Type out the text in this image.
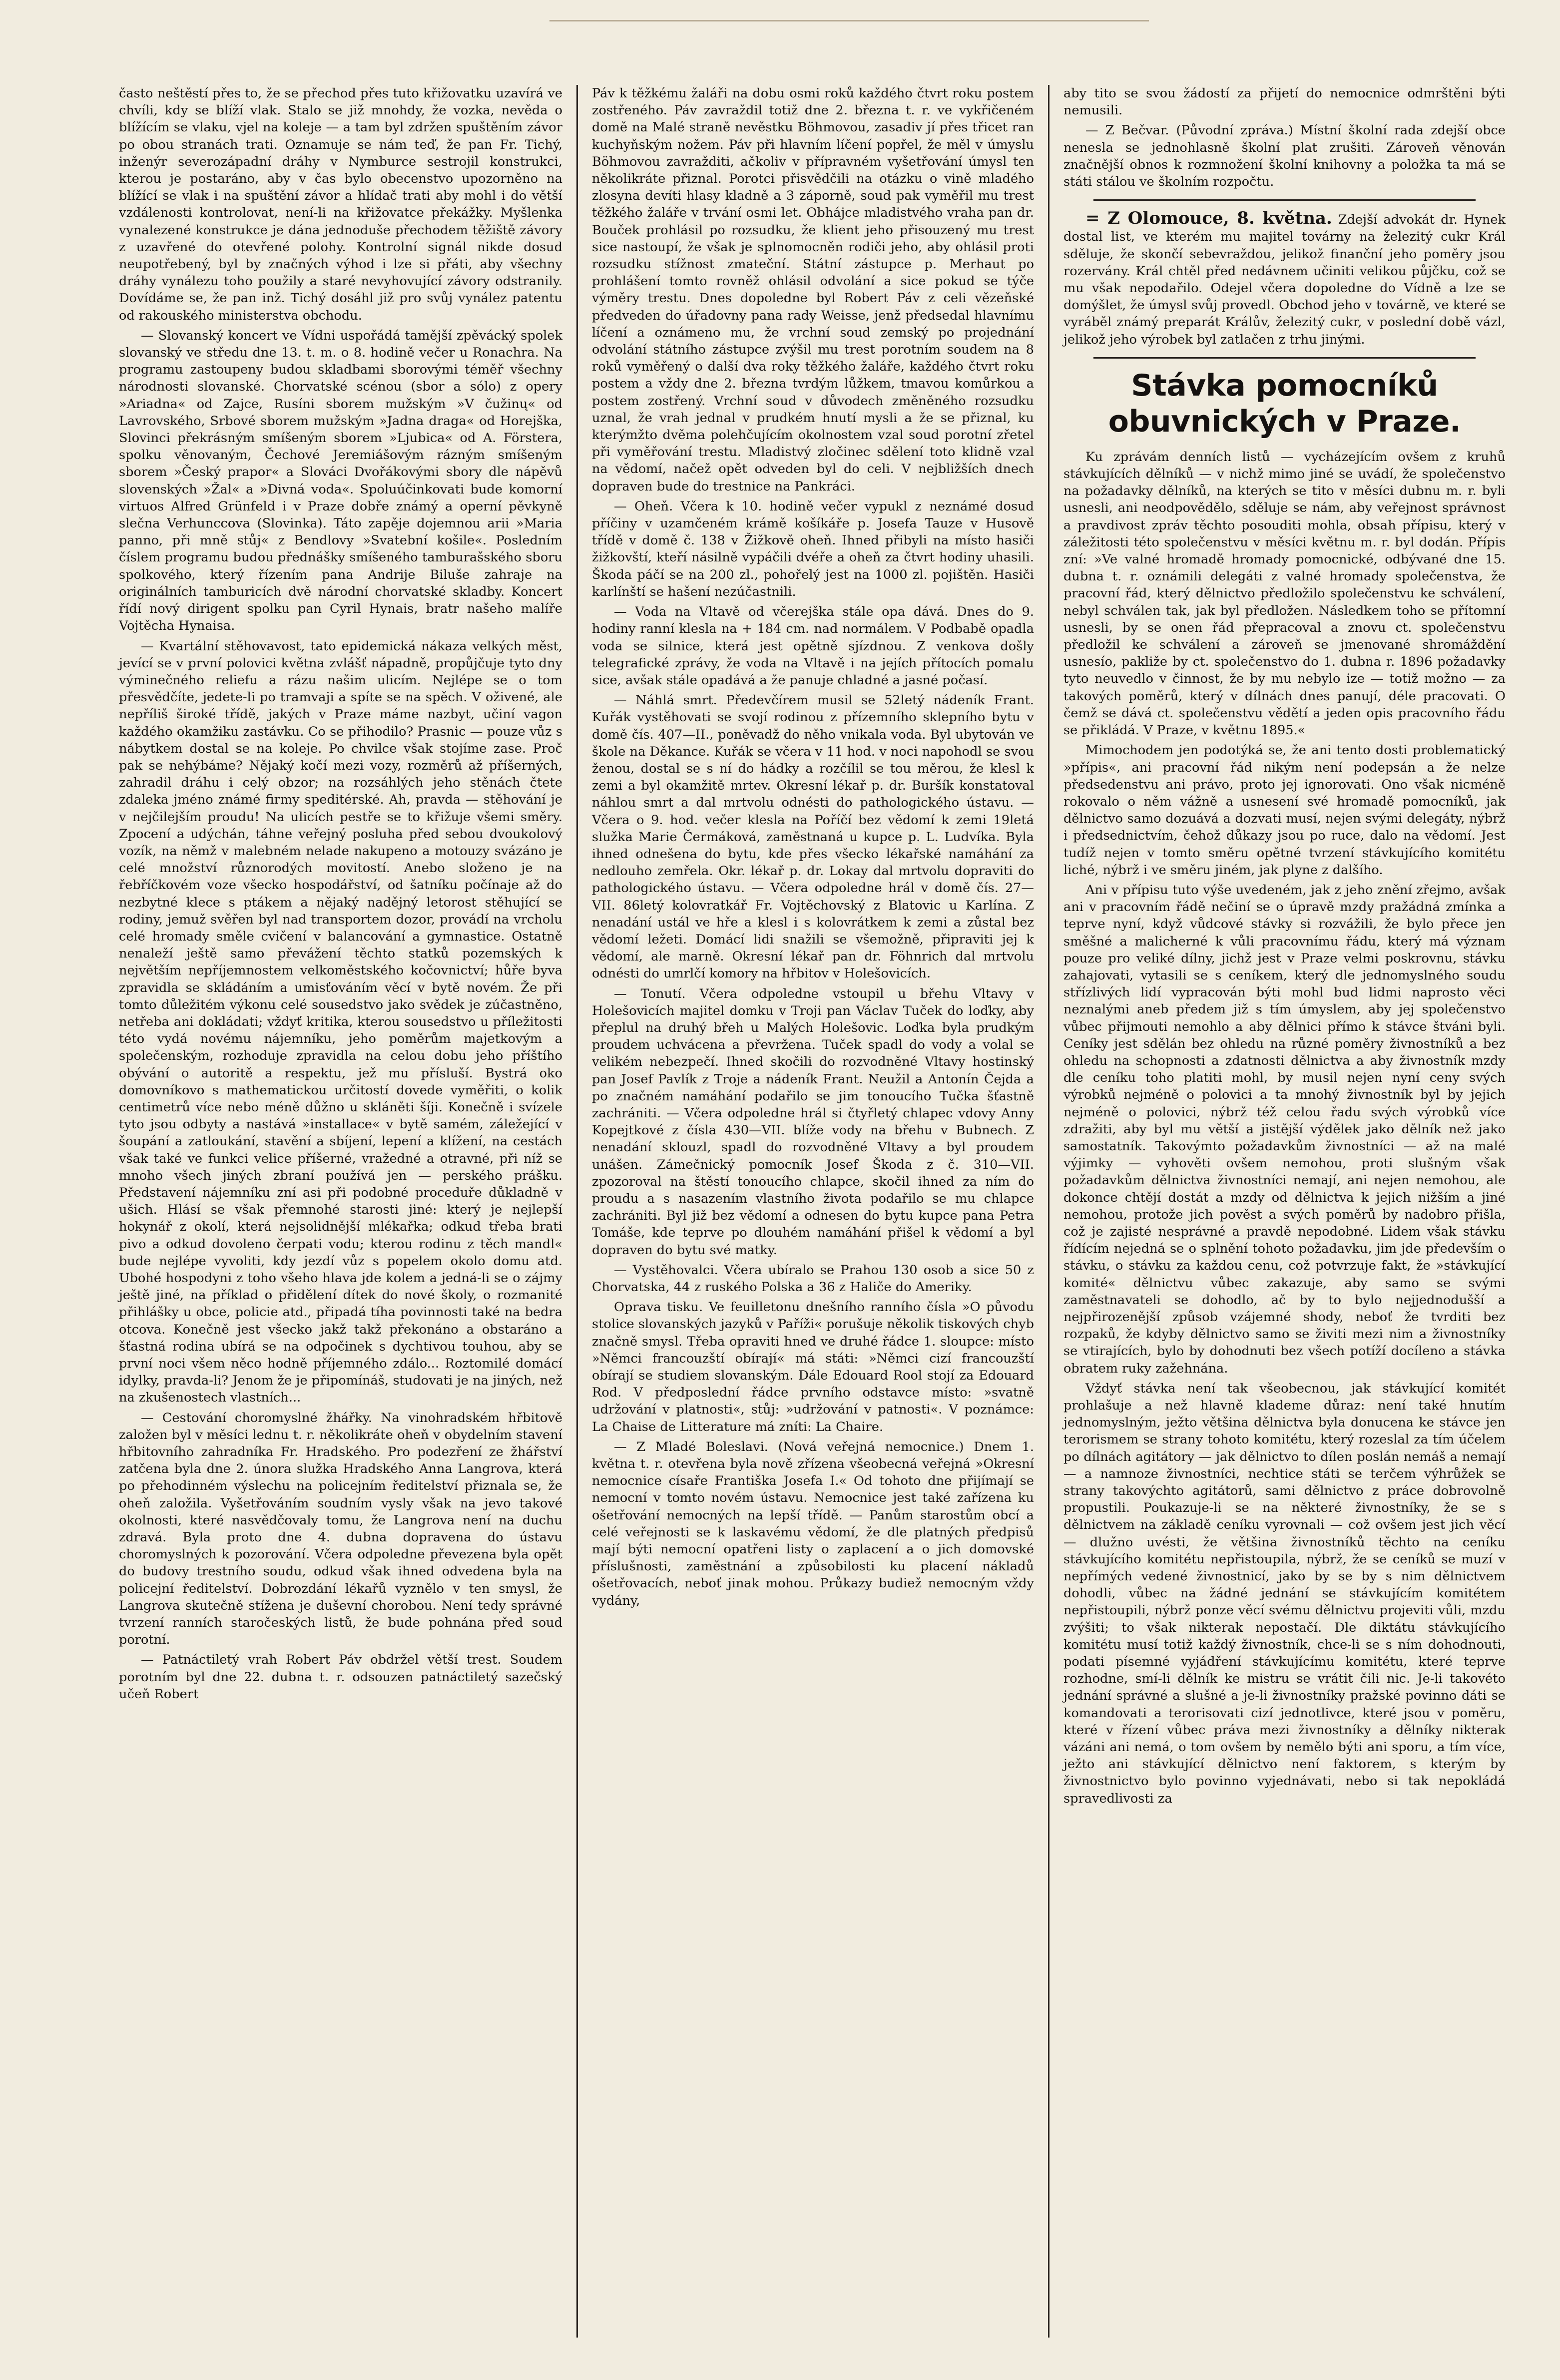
často neštěstí přes to, že se přechod přes tuto křižovatku uzavírá ve chvíli, kdy se blíží vlak. Stalo se již mnohdy, že vozka, nevěda o blížícím se vlaku, vjel na koleje — a tam byl zdržen spuštěním závor po obou stranách trati. Oznamuje se nám teď, že pan Fr. Tichý, inženýr severozápadní dráhy v Nymburce sestrojil konstrukci, kterou je postaráno, aby v čas bylo obecenstvo upozorněno na blížící se vlak i na spuštění závor a hlídač trati aby mohl i do větší vzdálenosti kontrolovat, není-li na křižovatce překážky. Myšlenka vynalezené konstrukce je dána jednoduše přechodem těžiště závory z uzavřené do otevřené polohy. Kontrolní signál nikde dosud neupotřebený, byl by značných výhod i lze si přáti, aby všechny dráhy vynálezu toho použily a staré nevyhovující závory odstranily. Dovídáme se, že pan inž. Tichý dosáhl již pro svůj vynález patentu od rakouského ministerstva obchodu.

— Slovanský koncert ve Vídni uspořádá tamější zpěvácký spolek slovanský ve středu dne 13. t. m. o 8. hodině večer u Ronachra. Na programu zastoupeny budou skladbami sborovými téměř všechny národnosti slovanské. Chorvatské scénou (sbor a sólo) z opery »Ariadna« od Zajce, Rusíni sborem mužským »V čužinų« od Lavrovského, Srbové sborem mužským »Jadna draga« od Horejška, Slovinci překrásným smíšeným sborem »Ljubica« od A. Förstera, spolku věnovaným, Čechové Jeremiášovým rázným smíšeným sborem »Český prapor« a Slováci Dvořákovými sbory dle nápěvů slovenských »Žal« a »Divná voda«. Spoluúčinkovati bude komorní virtuos Alfred Grünfeld i v Praze dobře známý a operní pěvkyně slečna Verhunccova (Slovinka). Táto zapěje dojemnou arii »Maria panno, při mně stůj« z Bendlovy »Svatební košile«. Posledním číslem programu budou přednášky smíšeného tamburašského sboru spolkového, který řízením pana Andrije Biluše zahraje na originálních tamburicích dvě národní chorvatské skladby. Koncert řídí nový dirigent spolku pan Cyril Hynais, bratr našeho malíře Vojtěcha Hynaisa.

— Kvartální stěhovavost, tato epidemická nákaza velkých měst, jevící se v první polovici května zvlášť nápadně, propůjčuje tyto dny výminečného reliefu a rázu našim ulicím. Nejlépe se o tom přesvědčíte, jedete-li po tramvaji a spíte se na spěch. V oživené, ale nepříliš široké třídě, jakých v Praze máme nazbyt, učiní vagon každého okamžiku zastávku. Co se přihodilo? Prasnic — pouze vůz s nábytkem dostal se na koleje. Po chvilce však stojíme zase. Proč pak se nehýbáme? Nějaký kočí mezi vozy, rozměrů až příšerných, zahradil dráhu i celý obzor; na rozsáhlých jeho stěnách čtete zdaleka jméno známé firmy speditérské. Ah, pravda — stěhování je v nejčilejším proudu! Na ulicích pestře se to křižuje všemi směry. Zpocení a udýchán, táhne veřejný posluha před sebou dvoukolový vozík, na němž v malebném nelade nakupeno a motouzy svázáno je celé množství různorodých movitostí. Anebo složeno je na řebříčkovém voze všecko hospodářství, od šatníku počínaje až do nezbytné klece s ptákem a nějaký nadějný letorost stěhující se rodiny, jemuž svěřen byl nad transportem dozor, provádí na vrcholu celé hromady směle cvičení v balancování a gymnastice. Ostatně nenaleží ještě samo převážení těchto statků pozemských k největším nepříjemnostem velkoměstského kočovnictví; hůře byva zpravidla se skládáním a umisťováním věcí v bytě novém. Že při tomto důležitém výkonu celé sousedstvo jako svědek je zúčastněno, netřeba ani dokládati; vždyť kritika, kterou sousedstvo u příležitosti této vydá novému nájemníku, jeho poměrům majetkovým a společenským, rozhoduje zpravidla na celou dobu jeho příštího obývání o autoritě a respektu, jež mu přísluší. Bystrá oko domovníkovo s mathematickou určitostí dovede vyměřiti, o kolik centimetrů více nebo méně důžno u skláněti šíji. Konečně i svízele tyto jsou odbyty a nastává »installace« v bytě samém, záležející v šoupání a zatloukání, stavění a sbíjení, lepení a klížení, na cestách však také ve funkci velice příšerné, vražedné a otravné, při níž se mnoho všech jiných zbraní používá jen — perského prášku. Představení nájemníku zní asi při podobné proceduře důkladně v ušich. Hlásí se však přemnohé starosti jiné: který je nejlepší hokynář z okolí, která nejsolidnější mlékařka; odkud třeba brati pivo a odkud dovoleno čerpati vodu; kterou rodinu z těch mandl« bude nejlépe vyvoliti, kdy jezdí vůz s popelem okolo domu atd. Ubohé hospodyni z toho všeho hlava jde kolem a jedná-li se o zájmy ještě jiné, na příklad o přidělení dítek do nové školy, o rozmanité přihlášky u obce, policie atd., připadá tíha povinnosti také na bedra otcova. Konečně jest všecko jakž takž překonáno a obstaráno a šťastná rodina ubírá se na odpočinek s dychtivou touhou, aby se první noci všem něco hodně příjemného zdálo... Roztomilé domácí idylky, pravda-li? Jenom že je připomínáš, studovati je na jiných, než na zkušenostech vlastních...

— Cestování choromyslné žhářky. Na vinohradském hřbitově založen byl v měsíci lednu t. r. několikráte oheň v obydelním stavení hřbitovního zahradníka Fr. Hradského. Pro podezření ze žhářství zatčena byla dne 2. února služka Hradského Anna Langrova, která po přehodinném výslechu na policejním ředitelství přiznala se, že oheň založila. Vyšetřováním soudním vysly však na jevo takové okolnosti, které nasvědčovaly tomu, že Langrova není na duchu zdravá. Byla proto dne 4. dubna dopravena do ústavu choromyslných k pozorování. Včera odpoledne převezena byla opět do budovy trestního soudu, odkud však ihned odvedena byla na policejní ředitelství. Dobrozdání lékařů vyznělo v ten smysl, že Langrova skutečně stížena je duševní chorobou. Není tedy správné tvrzení ranních staročeských listů, že bude pohnána před soud porotní.

— Patnáctiletý vrah Robert Páv obdržel větší trest. Soudem porotním byl dne 22. dubna t. r. odsouzen patnáctiletý sazečský učeň Robert

Páv k těžkému žaláři na dobu osmi roků každého čtvrt roku postem zostřeného. Páv zavraždil totiž dne 2. března t. r. ve vykřičeném domě na Malé straně nevěstku Böhmovou, zasadiv jí přes třicet ran kuchyňským nožem. Páv při hlavním líčení popřel, že měl v úmyslu Böhmovou zavražditi, ačkoliv v přípravném vyšetřování úmysl ten několikráte přiznal. Porotci přisvědčili na otázku o vině mladého zlosyna devíti hlasy kladně a 3 záporně, soud pak vyměřil mu trest těžkého žaláře v trvání osmi let. Obhájce mladistvého vraha pan dr. Bouček prohlásil po rozsudku, že klient jeho přisouzený mu trest sice nastoupí, že však je splnomocněn rodiči jeho, aby ohlásil proti rozsudku stížnost zmateční. Státní zástupce p. Merhaut po prohlášení tomto rovněž ohlásil odvolání a sice pokud se týče výměry trestu. Dnes dopoledne byl Robert Páv z celi vězeňské předveden do úřadovny pana rady Weisse, jenž předsedal hlavnímu líčení a oznámeno mu, že vrchní soud zemský po projednání odvolání státního zástupce zvýšil mu trest porotním soudem na 8 roků vyměřený o další dva roky těžkého žaláře, každého čtvrt roku postem a vždy dne 2. března tvrdým lůžkem, tmavou komůrkou a postem zostřený. Vrchní soud v důvodech změněného rozsudku uznal, že vrah jednal v prudkém hnutí mysli a že se přiznal, ku kterýmžto dvěma polehčujícím okolnostem vzal soud porotní zřetel při vyměřování trestu. Mladistvý zločinec sdělení toto klidně vzal na vědomí, načež opět odveden byl do celi. V nejbližších dnech dopraven bude do trestnice na Pankráci.

— Oheň. Včera k 10. hodině večer vypukl z neznámé dosud příčiny v uzamčeném krámě košíkáře p. Josefa Tauze v Husově třídě v domě č. 138 v Žižkově oheň. Ihned přibyli na místo hasiči žižkovští, kteří násilně vypáčili dvéře a oheň za čtvrt hodiny uhasili. Škoda páčí se na 200 zl., pohořelý jest na 1000 zl. pojištěn. Hasiči karlínští se hašení nezúčastnili.

— Voda na Vltavě od včerejška stále opa dává. Dnes do 9. hodiny ranní klesla na + 184 cm. nad normálem. V Podbabě opadla voda se silnice, která jest opětně sjízdnou. Z venkova došly telegrafické zprávy, že voda na Vltavě i na jejích přítocích pomalu sice, avšak stále opadává a že panuje chladné a jasné počasí.

— Náhlá smrt. Předevčírem musil se 52letý nádeník Frant. Kuřák vystěhovati se svojí rodinou z přízemního sklepního bytu v domě čís. 407—II., poněvadž do něho vnikala voda. Byl ubytován ve škole na Děkance. Kuřák se včera v 11 hod. v noci napohodl se svou ženou, dostal se s ní do hádky a rozčílil se tou měrou, že klesl k zemi a byl okamžitě mrtev. Okresní lékař p. dr. Buršík konstatoval náhlou smrt a dal mrtvolu odnésti do pathologického ústavu. — Včera o 9. hod. večer klesla na Poříčí bez vědomí k zemi 19letá služka Marie Čermáková, zaměstnaná u kupce p. L. Ludvíka. Byla ihned odnešena do bytu, kde přes všecko lékařské namáhání za nedlouho zemřela. Okr. lékař p. dr. Lokay dal mrtvolu dopraviti do pathologického ústavu. — Včera odpoledne hrál v domě čís. 27—VII. 86letý kolovratkář Fr. Vojtěchovský z Blatovic u Karlína. Z nenadání ustál ve hře a klesl i s kolovrátkem k zemi a zůstal bez vědomí ležeti. Domácí lidi snažili se všemožně, připraviti jej k vědomí, ale marně. Okresní lékař pan dr. Föhnrich dal mrtvolu odnésti do umrlčí komory na hřbitov v Holešovicích.

— Tonutí. Včera odpoledne vstoupil u břehu Vltavy v Holešovicích majitel domku v Troji pan Václav Tuček do loďky, aby přeplul na druhý břeh u Malých Holešovic. Loďka byla prudkým proudem uchvácena a převržena. Tuček spadl do vody a volal se velikém nebezpečí. Ihned skočili do rozvodněné Vltavy hostinský pan Josef Pavlík z Troje a nádeník Frant. Neužil a Antonín Čejda a po značném namáhání podařilo se jim tonoucího Tučka šťastně zachrániti. — Včera odpoledne hrál si čtyřletý chlapec vdovy Anny Kopejtkové z čísla 430—VII. blíže vody na břehu v Bubnech. Z nenadání sklouzl, spadl do rozvodněné Vltavy a byl proudem unášen. Zámečnický pomocník Josef Škoda z č. 310—VII. zpozoroval na štěstí tonoucího chlapce, skočil ihned za ním do proudu a s nasazením vlastního života podařilo se mu chlapce zachrániti. Byl již bez vědomí a odnesen do bytu kupce pana Petra Tomáše, kde teprve po dlouhém namáhání přišel k vědomí a byl dopraven do bytu své matky.

— Vystěhovalci. Včera ubíralo se Prahou 130 osob a sice 50 z Chorvatska, 44 z ruského Polska a 36 z Haliče do Ameriky.

Oprava tisku. Ve feuilletonu dnešního ranního čísla »O původu stolice slovanských jazyků v Paříži« porušuje několik tiskových chyb značně smysl. Třeba opraviti hned ve druhé řádce 1. sloupce: místo »Němci francouzští obírají« má státi: »Němci cizí francouzští obírají se studiem slovanským. Dále Edouard Rool stojí za Edouard Rod. V předposlední řádce prvního odstavce místo: »svatně udržování v platnosti«, stůj: »udržování v patnosti«. V poznámce: La Chaise de Litterature má zníti: La Chaire.

— Z Mladé Boleslavi. (Nová veřejná nemocnice.) Dnem 1. května t. r. otevřena byla nově zřízena všeobecná veřejná »Okresní nemocnice císaře Františka Josefa I.« Od tohoto dne přijímají se nemocní v tomto novém ústavu. Nemocnice jest také zařízena ku ošetřování nemocných na lepší třídě. — Panům starostům obcí a celé veřejnosti se k laskavému vědomí, že dle platných předpisů mají býti nemocní opatřeni listy o zaplacení a o jich domovské příslušnosti, zaměstnání a způsobilosti ku placení nákladů ošetřovacích, neboť jinak mohou. Průkazy budiež nemocným vždy vydány,

aby tito se svou žádostí za přijetí do nemocnice odmrštěni býti nemusili.

— Z Bečvar. (Původní zpráva.) Místní školní rada zdejší obce nenesla se jednohlasně školní plat zrušiti. Zároveň věnován značnější obnos k rozmnožení školní knihovny a položka ta má se státi stálou ve školním rozpočtu.

= Z Olomouce, 8. května. Zdejší advokát dr. Hynek dostal list, ve kterém mu majitel továrny na železitý cukr Král sděluje, že skončí sebevraždou, jelikož finanční jeho poměry jsou rozervány. Král chtěl před nedávnem učiniti velikou půjčku, což se mu však nepodařilo. Odejel včera dopoledne do Vídně a lze se domýšlet, že úmysl svůj provedl. Obchod jeho v továrně, ve které se vyráběl známý preparát Králův, železitý cukr, v poslední době vázl, jelikož jeho výrobek byl zatlačen z trhu jinými.

Stávka pomocníků obuvnických v Praze.

Ku zprávám denních listů — vycházejícím ovšem z kruhů stávkujících dělníků — v nichž mimo jiné se uvádí, že společenstvo na požadavky dělníků, na kterých se tito v měsíci dubnu m. r. byli usnesli, ani neodpovědělo, sděluje se nám, aby veřejnost správnost a pravdivost zpráv těchto posouditi mohla, obsah přípisu, který v záležitosti této společenstvu v měsíci květnu m. r. byl dodán. Přípis zní: »Ve valné hromadě hromady pomocnické, odbývané dne 15. dubna t. r. oznámili delegáti z valné hromady společenstva, že pracovní řád, který dělnictvo předložilo společenstvu ke schválení, nebyl schválen tak, jak byl předložen. Následkem toho se přítomní usnesli, by se onen řád přepracoval a znovu ct. společenstvu předložil ke schválení a zároveň se jmenované shromáždění usnesío, pakliže by ct. společenstvo do 1. dubna r. 1896 požadavky tyto neuvedlo v činnost, že by mu nebylo ize — totiž možno — za takových poměrů, který v dílnách dnes panují, déle pracovati. O čemž se dává ct. společenstvu vědětí a jeden opis pracovního řádu se přikládá. V Praze, v květnu 1895.«

Mimochodem jen podotýká se, že ani tento dosti problematický »přípis«, ani pracovní řád nikým není podepsán a že nelze předsedenstvu ani právo, proto jej ignorovati. Ono však nicméně rokovalo o něm vážně a usnesení své hromadě pomocníků, jak dělnictvo samo dozuává a dozvati musí, nejen svými delegáty, nýbrž i předsednictvím, čehož důkazy jsou po ruce, dalo na vědomí. Jest tudíž nejen v tomto směru opětné tvrzení stávkujícího komitétu liché, nýbrž i ve směru jiném, jak plyne z dalšího.

Ani v přípisu tuto výše uvedeném, jak z jeho znění zřejmo, avšak ani v pracovním řádě nečiní se o úpravě mzdy pražádná zmínka a teprve nyní, když vůdcové stávky si rozvážili, že bylo přece jen směšné a malicherné k vůli pracovnímu řádu, který má význam pouze pro veliké dílny, jichž jest v Praze velmi poskrovnu, stávku zahajovati, vytasili se s ceníkem, který dle jednomyslného soudu střízlivých lidí vypracován býti mohl bud lidmi naprosto věci neznalými aneb předem již s tím úmyslem, aby jej společenstvo vůbec přijmouti nemohlo a aby dělnici přímo k stávce štváni byli. Ceníky jest sdělán bez ohledu na různé poměry živnostníků a bez ohledu na schopnosti a zdatnosti dělnictva a aby živnostník mzdy dle ceníku toho platiti mohl, by musil nejen nyní ceny svých výrobků nejméně o polovici a ta mnohý živnostník byl by jejich nejméně o polovici, nýbrž též celou řadu svých výrobků více zdražiti, aby byl mu větší a jistější výdělek jako dělník než jako samostatník. Takovýmto požadavkům živnostníci — až na malé výjimky — vyhověti ovšem nemohou, proti slušným však požadavkům dělnictva živnostníci nemají, ani nejen nemohou, ale dokonce chtějí dostát a mzdy od dělnictva k jejich nižším a jiné nemohou, protože jich pověst a svých poměrů by nadobro přišla, což je zajisté nesprávné a pravdě nepodobné. Lidem však stávku řídícím nejedná se o splnění tohoto požadavku, jim jde především o stávku, o stávku za každou cenu, což potvrzuje fakt, že »stávkující komité« dělnictvu vůbec zakazuje, aby samo se svými zaměstnavateli se dohodlo, ač by to bylo nejjednodušší a nejpřirozenější způsob vzájemné shody, neboť že tvrditi bez rozpaků, že kdyby dělnictvo samo se živiti mezi nim a živnostníky se vtirajících, bylo by dohodnuti bez všech potíží docíleno a stávka obratem ruky zažehnána.

Vždyť stávka není tak všeobecnou, jak stávkující komitét prohlašuje a než hlavně klademe důraz: není také hnutím jednomyslným, ježto většina dělnictva byla donucena ke stávce jen terorismem se strany tohoto komitétu, který rozeslal za tím účelem po dílnách agitátory — jak dělnictvo to dílen poslán nemáš a nemají — a namnoze živnostníci, nechtice státi se terčem výhrůžek se strany takovýchto agitátorů, sami dělnictvo z práce dobrovolně propustili. Poukazuje-li se na některé živnostníky, že se s dělnictvem na základě ceníku vyrovnali — což ovšem jest jich věcí — dlužno uvésti, že většina živnostníků těchto na ceníku stávkujícího komitétu nepřistoupila, nýbrž, že se ceníků se muzí v nepřímých vedené živnostnicí, jako by se by s nim dělnictvem dohodli, vůbec na žádné jednání se stávkujícím komitétem nepřistoupili, nýbrž ponze věcí svému dělnictvu projeviti vůli, mzdu zvýšiti; to však nikterak nepostačí. Dle diktátu stávkujícího komitétu musí totiž každý živnostník, chce-li se s ním dohodnouti, podati písemné vyjádření stávkujícímu komitétu, které teprve rozhodne, smí-li dělník ke mistru se vrátit čili nic. Je-li takovéto jednání správné a slušné a je-li živnostníky pražské povinno dáti se komandovati a terorisovati cizí jednotlivce, které jsou v poměru, které v řízení vůbec práva mezi živnostníky a dělníky nikterak vázáni ani nemá, o tom ovšem by nemělo býti ani sporu, a tím více, ježto ani stávkující dělnictvo není faktorem, s kterým by živnostnictvo bylo povinno vyjednávati, nebo si tak nepokládá spravedlivosti za
